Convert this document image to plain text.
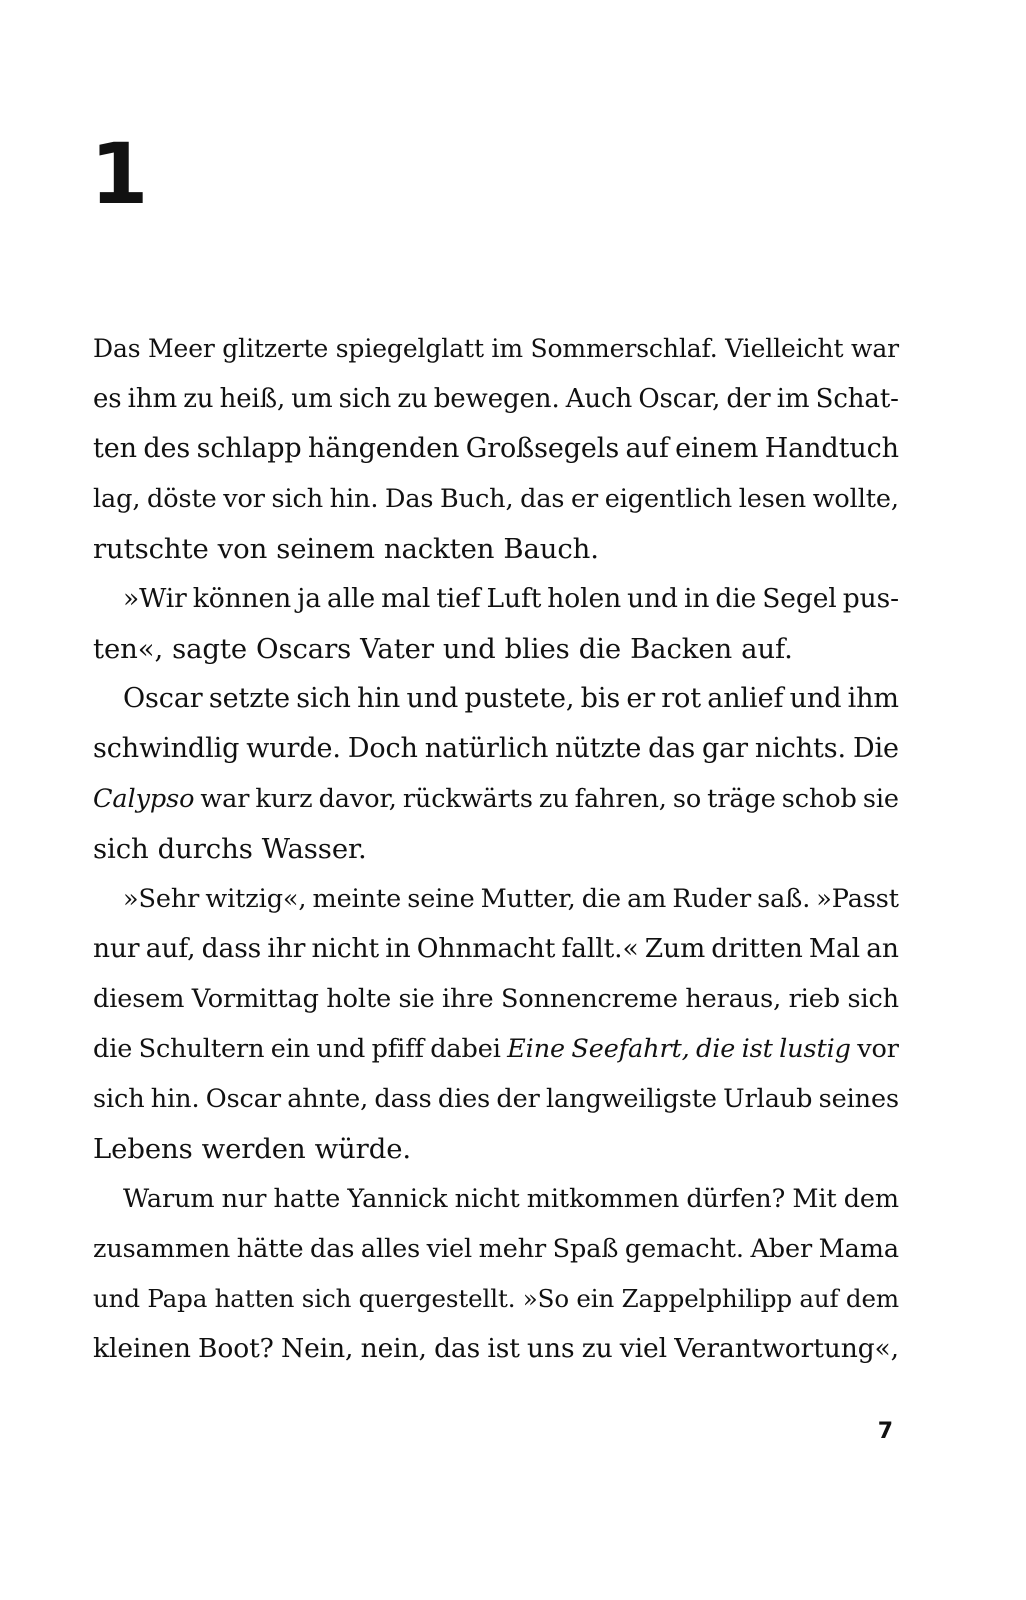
1
Das Meer glitzerte spiegelglatt im Sommerschlaf. Vielleicht war
es ihm zu heiß, um sich zu bewegen. Auch Oscar, der im Schat-
ten des schlapp hängenden Großsegels auf einem Handtuch
lag, döste vor sich hin. Das Buch, das er eigentlich lesen wollte,
rutschte von seinem nackten Bauch.
»Wir können ja alle mal tief Luft holen und in die Segel pus-
ten«, sagte Oscars Vater und blies die Backen auf.
Oscar setzte sich hin und pustete, bis er rot anlief und ihm
schwindlig wurde. Doch natürlich nützte das gar nichts. Die
Calypso war kurz davor, rückwärts zu fahren, so träge schob sie
sich durchs Wasser.
»Sehr witzig«, meinte seine Mutter, die am Ruder saß. »Passt
nur auf, dass ihr nicht in Ohnmacht fallt.« Zum dritten Mal an
diesem Vormittag holte sie ihre Sonnencreme heraus, rieb sich
die Schultern ein und pfiff dabei Eine Seefahrt, die ist lustig vor
sich hin. Oscar ahnte, dass dies der langweiligste Urlaub seines
Lebens werden würde.
Warum nur hatte Yannick nicht mitkommen dürfen? Mit dem
zusammen hätte das alles viel mehr Spaß gemacht. Aber Mama
und Papa hatten sich quergestellt. »So ein Zappelphilipp auf dem
kleinen Boot? Nein, nein, das ist uns zu viel Verantwortung«,
7
